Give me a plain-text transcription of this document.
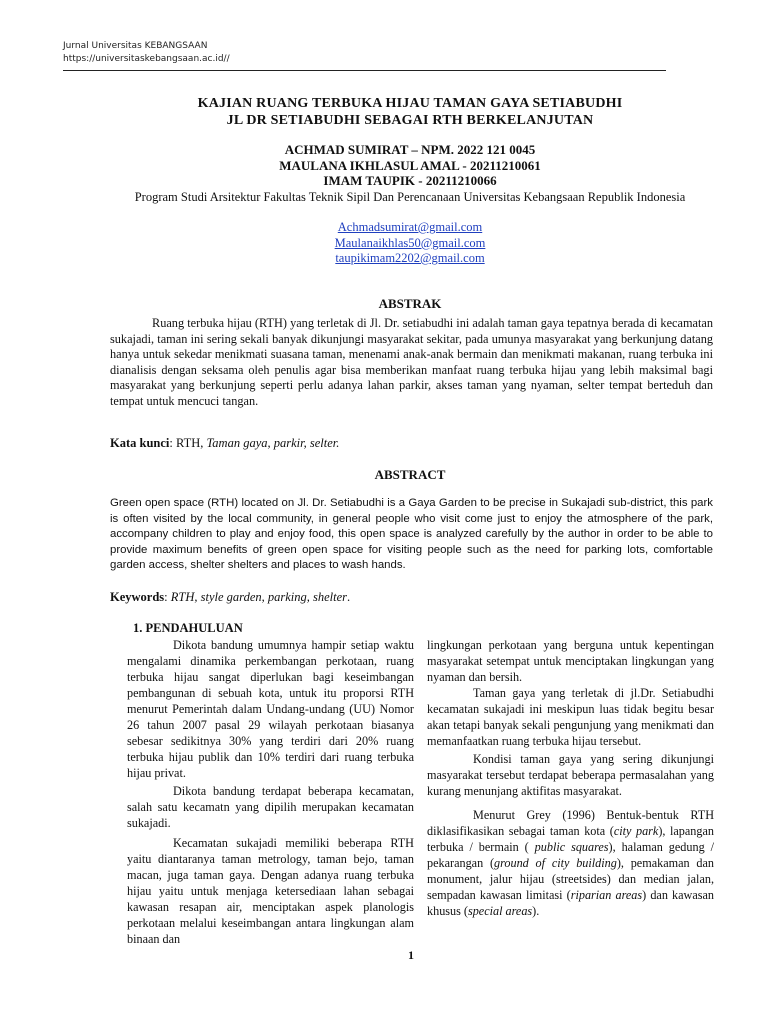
Jurnal Universitas KEBANGSAAN
https://universitaskebangsaan.ac.id//
KAJIAN RUANG TERBUKA HIJAU TAMAN GAYA SETIABUDHI
JL DR SETIABUDHI SEBAGAI RTH BERKELANJUTAN
ACHMAD SUMIRAT – NPM. 2022 121 0045
MAULANA IKHLASUL AMAL - 20211210061
IMAM TAUPIK - 20211210066
Program Studi Arsitektur Fakultas Teknik Sipil Dan Perencanaan Universitas Kebangsaan Republik Indonesia
Achmadsumirat@gmail.com
Maulanaikhlas50@gmail.com
taupikimam2202@gmail.com
ABSTRAK
Ruang terbuka hijau (RTH) yang terletak di Jl. Dr. setiabudhi ini adalah taman gaya tepatnya berada di kecamatan sukajadi, taman ini sering sekali banyak dikunjungi masyarakat sekitar, pada umunya masyarakat yang berkunjung datang hanya untuk sekedar menikmati suasana taman, menenami anak-anak bermain dan menikmati makanan, ruang terbuka ini dianalisis dengan seksama oleh penulis agar bisa memberikan manfaat ruang terbuka hijau yang lebih maksimal bagi masyarakat yang berkunjung seperti perlu adanya lahan parkir, akses taman yang nyaman, selter tempat berteduh dan tempat untuk mencuci tangan.
Kata kunci: RTH, Taman gaya, parkir, selter.
ABSTRACT
Green open space (RTH) located on Jl. Dr. Setiabudhi is a Gaya Garden to be precise in Sukajadi sub-district, this park is often visited by the local community, in general people who visit come just to enjoy the atmosphere of the park, accompany children to play and enjoy food, this open space is analyzed carefully by the author in order to be able to provide maximum benefits of green open space for visiting people such as the need for parking lots, comfortable garden access, shelter shelters and places to wash hands.
Keywords: RTH, style garden, parking, shelter.
1. PENDAHULUAN

Dikota bandung umumnya hampir setiap waktu mengalami dinamika perkembangan perkotaan, ruang terbuka hijau sangat diperlukan bagi keseimbangan pembangunan di sebuah kota, untuk itu proporsi RTH menurut Pemerintah dalam Undang-undang (UU) Nomor 26 tahun 2007 pasal 29 wilayah perkotaan biasanya sebesar sedikitnya 30% yang terdiri dari 20% ruang terbuka hijau publik dan 10% terdiri dari ruang terbuka hijau privat.

Dikota bandung terdapat beberapa kecamatan, salah satu kecamatn yang dipilih merupakan kecamatan sukajadi.

Kecamatan sukajadi memiliki beberapa RTH yaitu diantaranya taman metrology, taman bejo, taman macan, juga taman gaya. Dengan adanya ruang terbuka hijau yaitu untuk menjaga ketersediaan lahan sebagai kawasan resapan air, menciptakan aspek planologis perkotaan melalui keseimbangan antara lingkungan alam binaan dan

lingkungan perkotaan yang berguna untuk kepentingan masyarakat setempat untuk menciptakan lingkungan yang nyaman dan bersih.

Taman gaya yang terletak di jl.Dr. Setiabudhi kecamatan sukajadi ini meskipun luas tidak begitu besar akan tetapi banyak sekali pengunjung yang menikmati dan memanfaatkan ruang terbuka hijau tersebut.

Kondisi taman gaya yang sering dikunjungi masyarakat tersebut terdapat beberapa permasalahan yang kurang menunjang aktifitas masyarakat.

Menurut Grey (1996) Bentuk-bentuk RTH diklasifikasikan sebagai taman kota (city park), lapangan terbuka / bermain ( public squares), halaman gedung / pekarangan (ground of city building), pemakaman dan monument, jalur hijau (streetsides) dan median jalan, sempadan kawasan limitasi (riparian areas) dan kawasan khusus (special areas).

1
